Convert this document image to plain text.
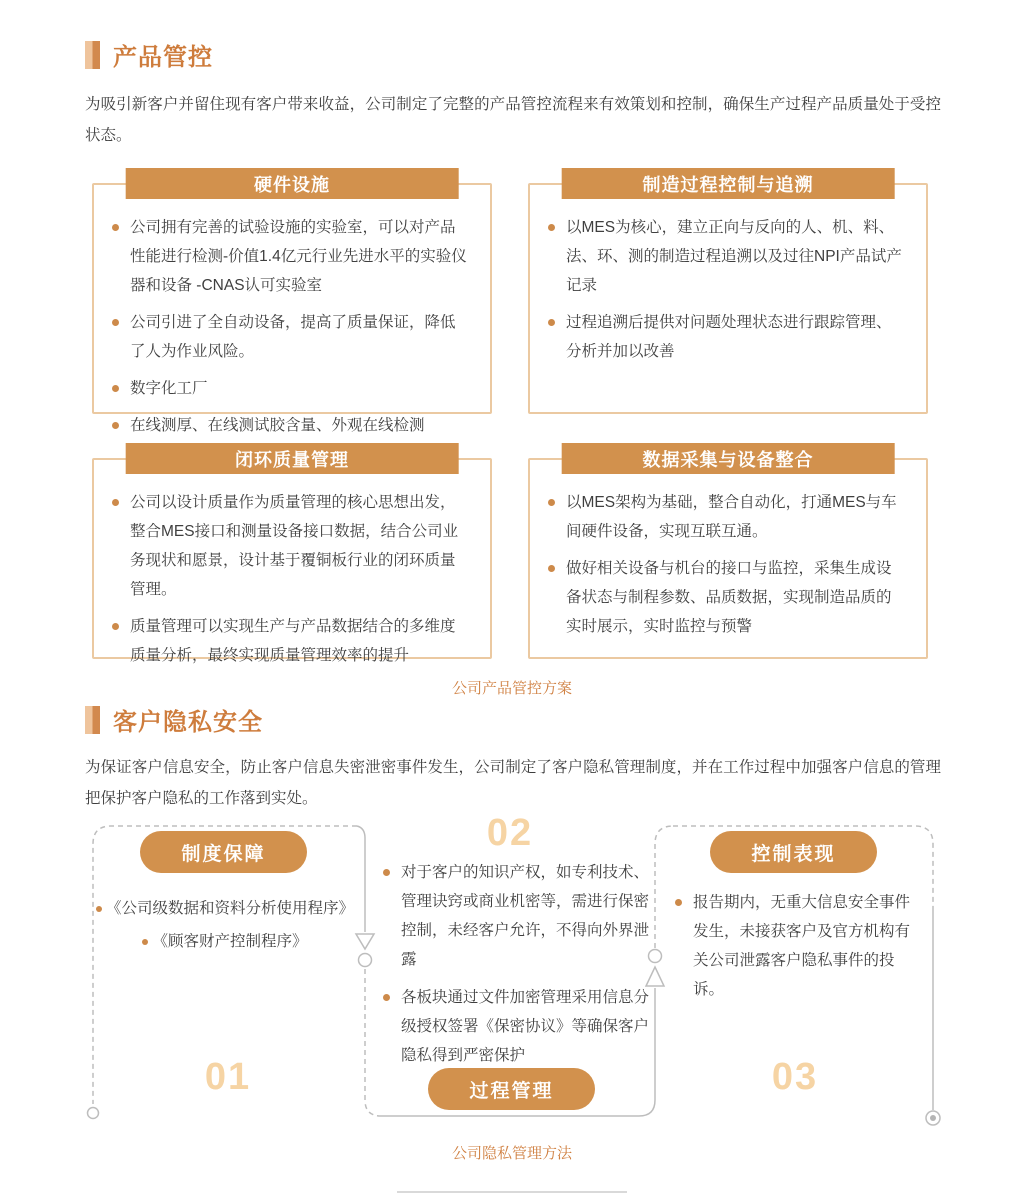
产品管控

为吸引新客户并留住现有客户带来收益，公司制定了完整的产品管控流程来有效策划和控制，确保生产过程产品质量处于受控状态。

硬件设施
公司拥有完善的试验设施的实验室，可以对产品性能进行检测-价值1.4亿元行业先进水平的实验仪器和设备 -CNAS认可实验室
公司引进了全自动设备，提高了质量保证，降低了人为作业风险。
数字化工厂
在线测厚、在线测试胶含量、外观在线检测
制造过程控制与追溯
以MES为核心，建立正向与反向的人、机、料、法、环、测的制造过程追溯以及过往NPI产品试产记录
过程追溯后提供对问题处理状态进行跟踪管理、分析并加以改善
闭环质量管理
公司以设计质量作为质量管理的核心思想出发，整合MES接口和测量设备接口数据，结合公司业务现状和愿景，设计基于覆铜板行业的闭环质量管理。
质量管理可以实现生产与产品数据结合的多维度质量分析，最终实现质量管理效率的提升
数据采集与设备整合
以MES架构为基础，整合自动化，打通MES与车间硬件设备，实现互联互通。
做好相关设备与机台的接口与监控，采集生成设备状态与制程参数、品质数据，实现制造品质的实时展示，实时监控与预警
公司产品管控方案
客户隐私安全

为保证客户信息安全，防止客户信息失密泄密事件发生，公司制定了客户隐私管理制度，并在工作过程中加强客户信息的管理把保护客户隐私的工作落到实处。

制度保障
《公司级数据和资料分析使用程序》
《顾客财产控制程序》
01
02
对于客户的知识产权，如专利技术、管理诀窍或商业机密等，需进行保密控制，未经客户允许，不得向外界泄露
各板块通过文件加密管理采用信息分级授权签署《保密协议》等确保客户隐私得到严密保护
过程管理
控制表现
报告期内，无重大信息安全事件发生，未接获客户及官方机构有关公司泄露客户隐私事件的投诉。
03
公司隐私管理方法
